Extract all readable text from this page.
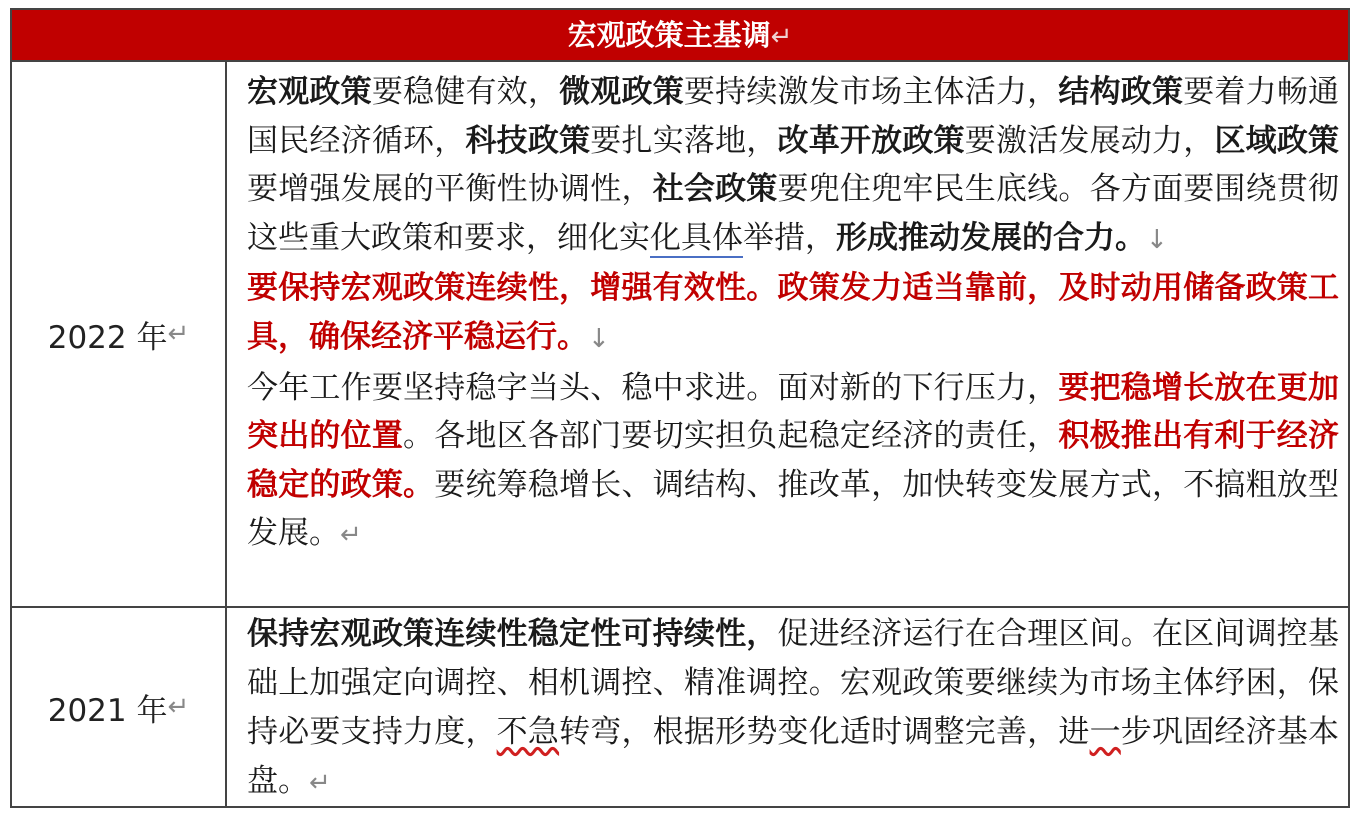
宏观政策主基调↵
2022 年 ↵

宏观政策要稳健有效，微观政策要持续激发市场主体活力，结构政策要着力畅通国民经济循环，科技政策要扎实落地，改革开放政策要激活发展动力，区域政策要增强发展的平衡性协调性，社会政策要兜住兜牢民生底线。各方面要围绕贯彻这些重大政策和要求，细化实化具体举措，形成推动发展的合力。↓

要保持宏观政策连续性，增强有效性。政策发力适当靠前，及时动用储备政策工具，确保经济平稳运行。↓

今年工作要坚持稳字当头、稳中求进。面对新的下行压力，要把稳增长放在更加突出的位置。各地区各部门要切实担负起稳定经济的责任，积极推出有利于经济稳定的政策。要统筹稳增长、调结构、推改革，加快转变发展方式，不搞粗放型发展。↵

2021 年 ↵

保持宏观政策连续性稳定性可持续性，促进经济运行在合理区间。在区间调控基础上加强定向调控、相机调控、精准调控。宏观政策要继续为市场主体纾困，保持必要支持力度，不急转弯，根据形势变化适时调整完善，进一步巩固经济基本盘。↵
